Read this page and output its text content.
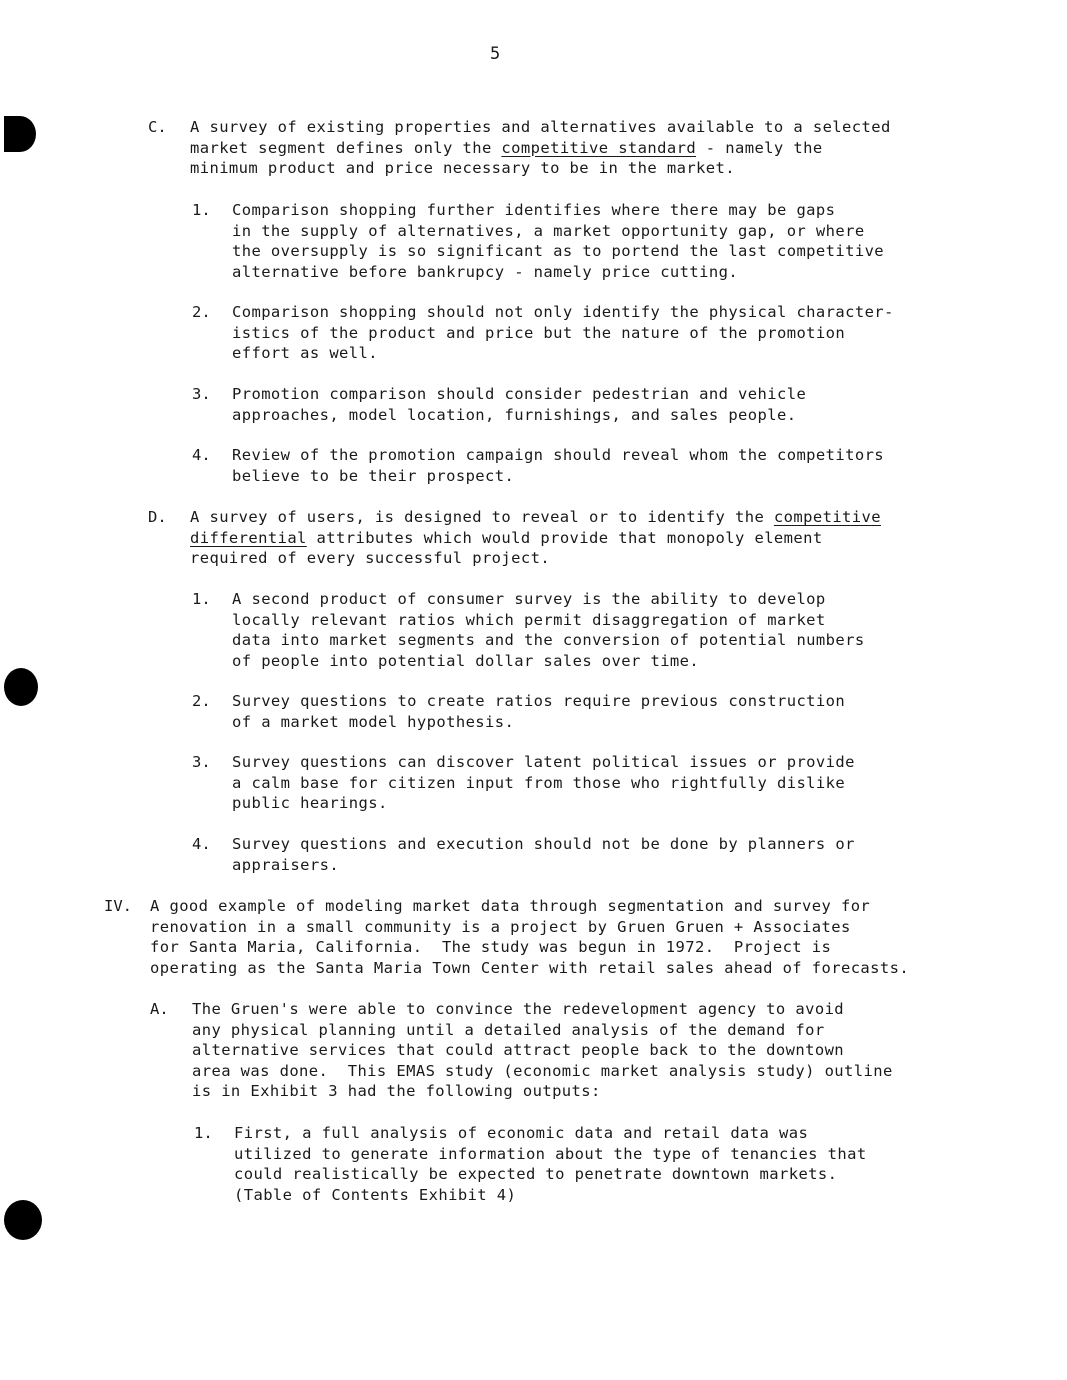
5
C. A survey of existing properties and alternatives available to a selected
market segment defines only the competitive standard - namely the
minimum product and price necessary to be in the market.
1. Comparison shopping further identifies where there may be gaps
in the supply of alternatives, a market opportunity gap, or where
the oversupply is so significant as to portend the last competitive
alternative before bankrupcy - namely price cutting.
2. Comparison shopping should not only identify the physical character-
istics of the product and price but the nature of the promotion
effort as well.
3. Promotion comparison should consider pedestrian and vehicle
approaches, model location, furnishings, and sales people.
4. Review of the promotion campaign should reveal whom the competitors
believe to be their prospect.
D. A survey of users, is designed to reveal or to identify the competitive
differential attributes which would provide that monopoly element
required of every successful project.
1. A second product of consumer survey is the ability to develop
locally relevant ratios which permit disaggregation of market
data into market segments and the conversion of potential numbers
of people into potential dollar sales over time.
2. Survey questions to create ratios require previous construction
of a market model hypothesis.
3. Survey questions can discover latent political issues or provide
a calm base for citizen input from those who rightfully dislike
public hearings.
4. Survey questions and execution should not be done by planners or
appraisers.
IV. A good example of modeling market data through segmentation and survey for
renovation in a small community is a project by Gruen Gruen + Associates
for Santa Maria, California.  The study was begun in 1972.  Project is
operating as the Santa Maria Town Center with retail sales ahead of forecasts.
A. The Gruen's were able to convince the redevelopment agency to avoid
any physical planning until a detailed analysis of the demand for
alternative services that could attract people back to the downtown
area was done.  This EMAS study (economic market analysis study) outline
is in Exhibit 3 had the following outputs:
1. First, a full analysis of economic data and retail data was
utilized to generate information about the type of tenancies that
could realistically be expected to penetrate downtown markets.
(Table of Contents Exhibit 4)
